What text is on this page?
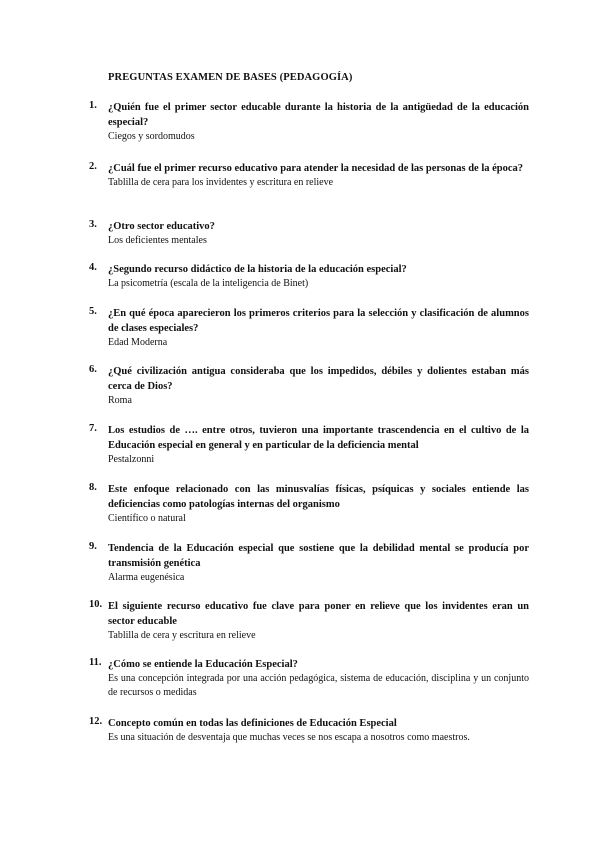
PREGUNTAS EXAMEN DE BASES (PEDAGOGÍA)
1. ¿Quién fue el primer sector educable durante la historia de la antigüedad de la educación especial?
Ciegos y sordomudos
2. ¿Cuál fue el primer recurso educativo para atender la necesidad de las personas de la época?
Tablilla de cera para los invidentes y escritura en relieve
3. ¿Otro sector educativo?
Los deficientes mentales
4. ¿Segundo recurso didáctico de la historia de la educación especial?
La psicometría (escala de la inteligencia de Binet)
5. ¿En qué época aparecieron los primeros criterios para la selección y clasificación de alumnos de clases especiales?
Edad Moderna
6. ¿Qué civilización antigua consideraba que los impedidos, débiles y dolientes estaban más cerca de Dios?
Roma
7. Los estudios de …. entre otros, tuvieron una importante trascendencia en el cultivo de la Educación especial en general y en particular de la deficiencia mental
Pestalzonni
8. Este enfoque relacionado con las minusvalías físicas, psíquicas y sociales entiende las deficiencias como patologías internas del organismo
Científico o natural
9. Tendencia de la Educación especial que sostiene que la debilidad mental se producía por transmisión genética
Alarma eugenésica
10. El siguiente recurso educativo fue clave para poner en relieve que los invidentes eran un sector educable
Tablilla de cera y escritura en relieve
11. ¿Cómo se entiende la Educación Especial?
Es una concepción integrada por una acción pedagógica, sistema de educación, disciplina y un conjunto de recursos o medidas
12. Concepto común en todas las definiciones de Educación Especial
Es una situación de desventaja que muchas veces se nos escapa a nosotros como maestros.
